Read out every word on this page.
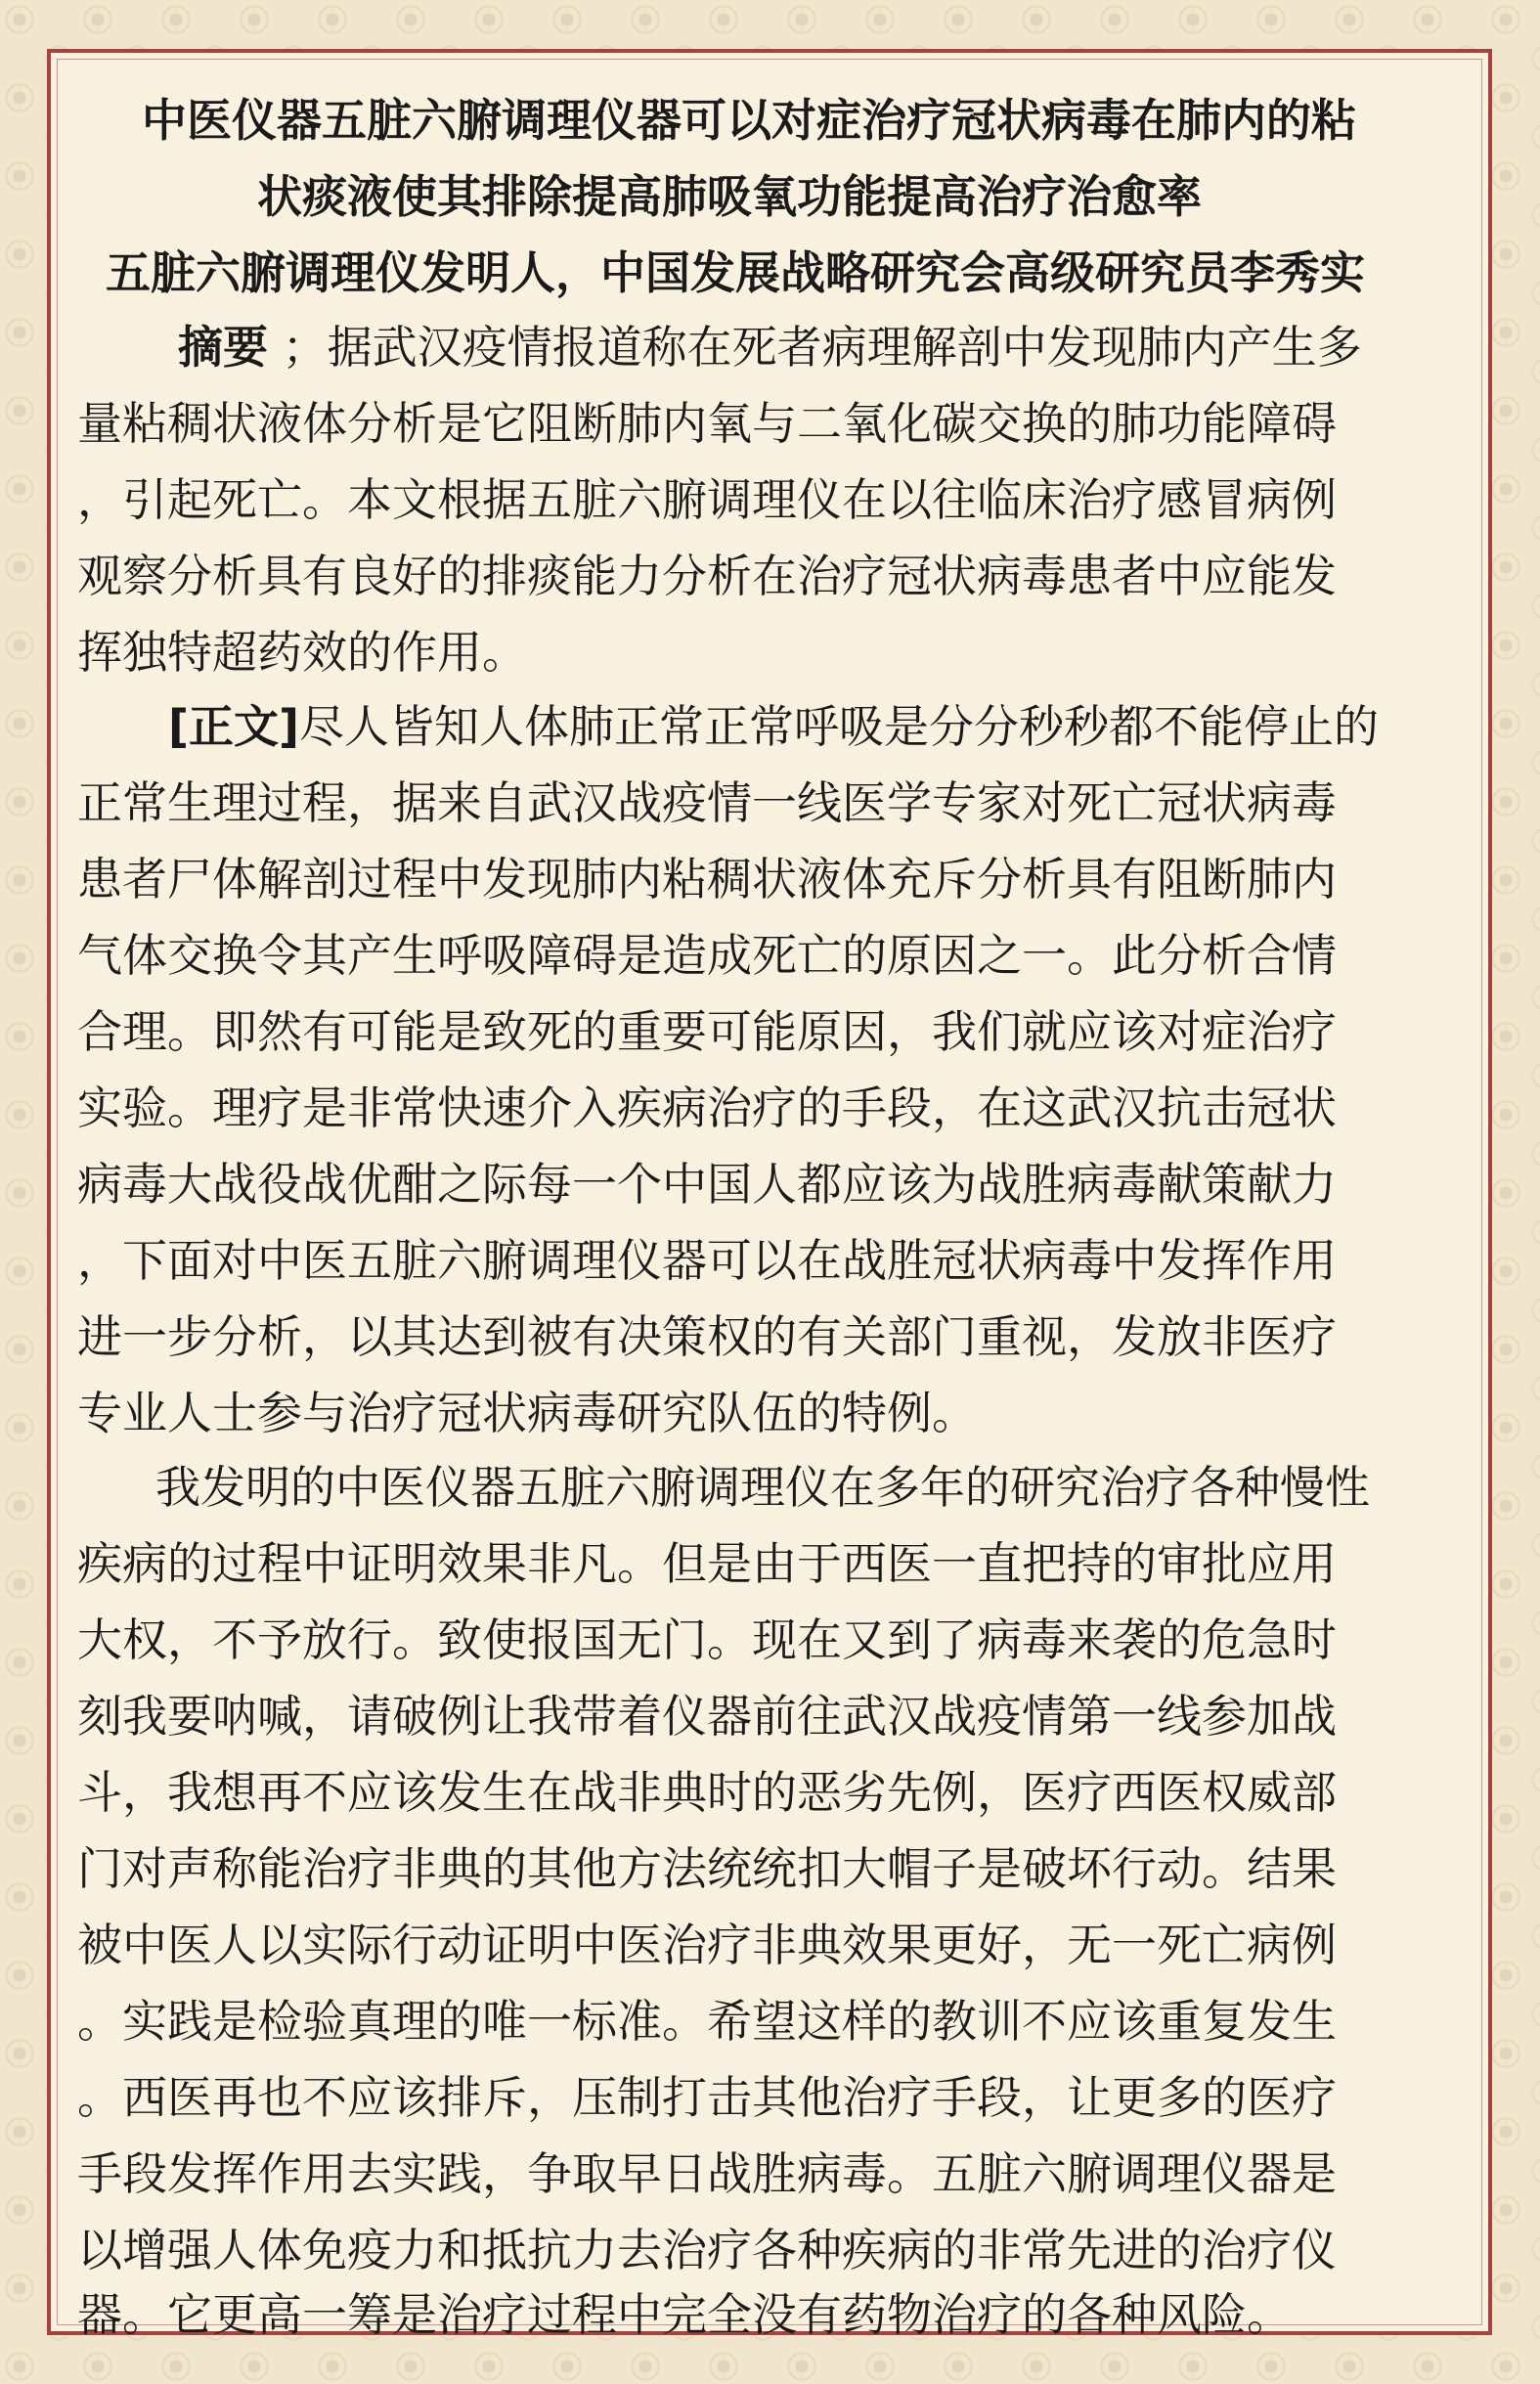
中医仪器五脏六腑调理仪器可以对症治疗冠状病毒在肺内的粘
状痰液使其排除提高肺吸氧功能提高治疗治愈率
五脏六腑调理仪发明人，中国发展战略研究会高级研究员李秀实
摘要 ；据武汉疫情报道称在死者病理解剖中发现肺内产生多
量粘稠状液体分析是它阻断肺内氧与二氧化碳交换的肺功能障碍
，引起死亡。本文根据五脏六腑调理仪在以往临床治疗感冒病例
观察分析具有良好的排痰能力分析在治疗冠状病毒患者中应能发
挥独特超药效的作用。
[正文]尽人皆知人体肺正常正常呼吸是分分秒秒都不能停止的
正常生理过程，据来自武汉战疫情一线医学专家对死亡冠状病毒
患者尸体解剖过程中发现肺内粘稠状液体充斥分析具有阻断肺内
气体交换令其产生呼吸障碍是造成死亡的原因之一。此分析合情
合理。即然有可能是致死的重要可能原因，我们就应该对症治疗
实验。理疗是非常快速介入疾病治疗的手段，在这武汉抗击冠状
病毒大战役战优酣之际每一个中国人都应该为战胜病毒献策献力
，下面对中医五脏六腑调理仪器可以在战胜冠状病毒中发挥作用
进一步分析，以其达到被有决策权的有关部门重视，发放非医疗
专业人士参与治疗冠状病毒研究队伍的特例。
我发明的中医仪器五脏六腑调理仪在多年的研究治疗各种慢性
疾病的过程中证明效果非凡。但是由于西医一直把持的审批应用
大权，不予放行。致使报国无门。现在又到了病毒来袭的危急时
刻我要呐喊，请破例让我带着仪器前往武汉战疫情第一线参加战
斗，我想再不应该发生在战非典时的恶劣先例，医疗西医权威部
门对声称能治疗非典的其他方法统统扣大帽子是破坏行动。结果
被中医人以实际行动证明中医治疗非典效果更好，无一死亡病例
。实践是检验真理的唯一标准。希望这样的教训不应该重复发生
。西医再也不应该排斥，压制打击其他治疗手段，让更多的医疗
手段发挥作用去实践，争取早日战胜病毒。五脏六腑调理仪器是
以增强人体免疫力和抵抗力去治疗各种疾病的非常先进的治疗仪
器。它更高一筹是治疗过程中完全没有药物治疗的各种风险。
